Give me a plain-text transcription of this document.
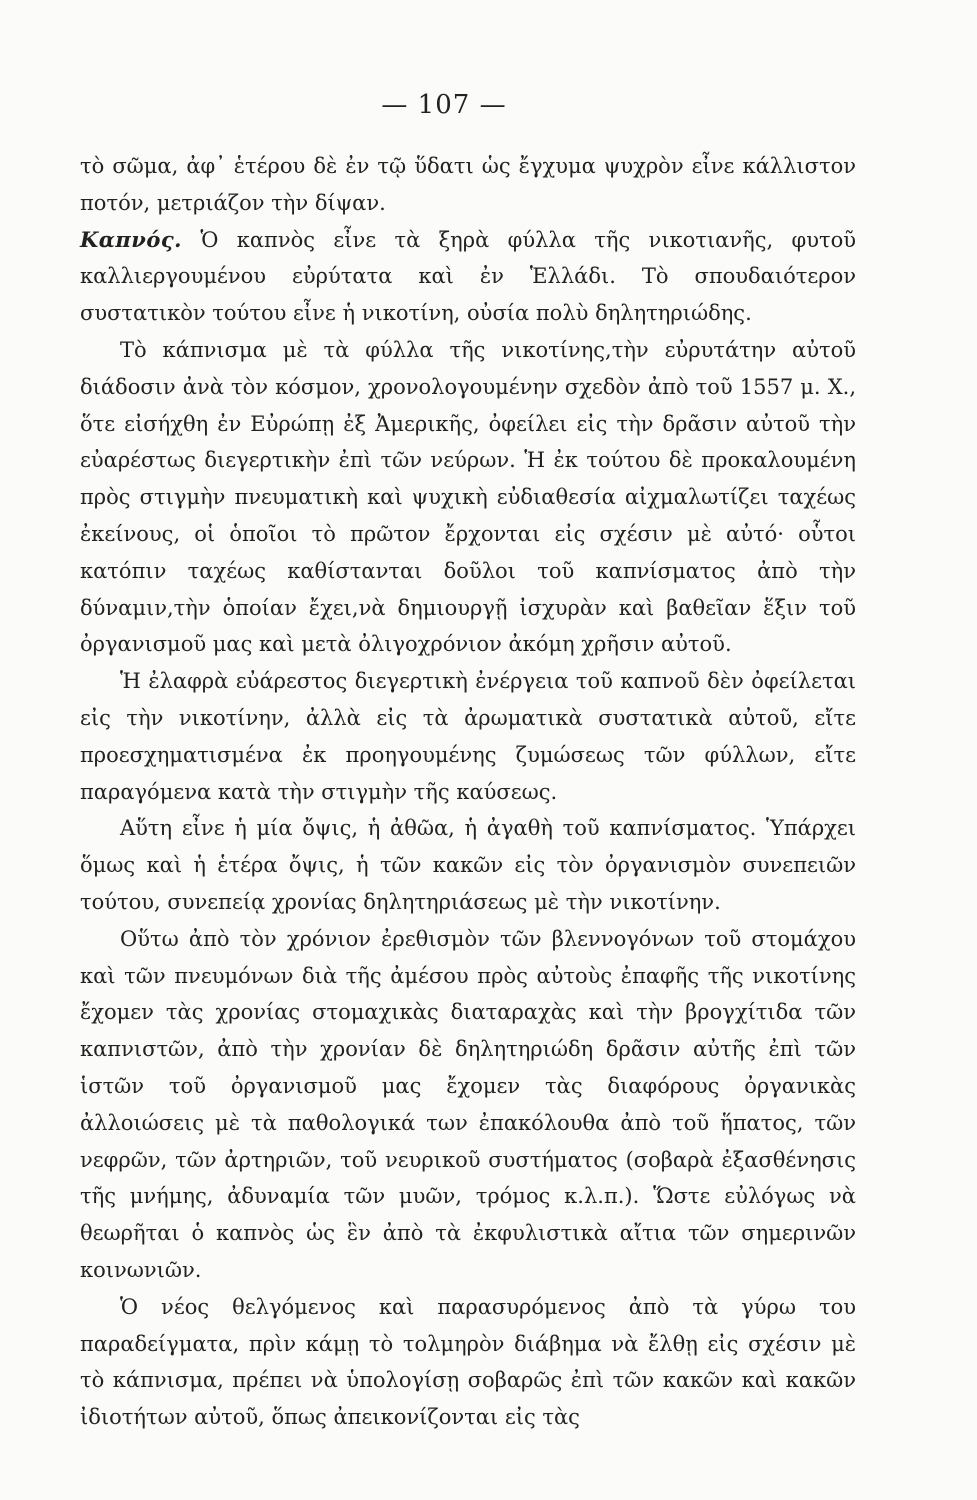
— 107 —

τὸ σῶμα, ἀφ᾽ ἑτέρου δὲ ἐν τῷ ὕδατι ὡς ἔγχυμα ψυχρὸν εἶνε κάλλιστον ποτόν, μετριάζον τὴν δίψαν.

Καπνός. Ὁ καπνὸς εἶνε τὰ ξηρὰ φύλλα τῆς νικοτιανῆς, φυτοῦ καλλιεργουμένου εὐρύτατα καὶ ἐν Ἑλλάδι. Τὸ σπουδαιότερον συστατικὸν τούτου εἶνε ἡ νικοτίνη, οὐσία πολὺ δηλητηριώδης.

Τὸ κάπνισμα μὲ τὰ φύλλα τῆς νικοτίνης,τὴν εὐρυτάτην αὐτοῦ διάδοσιν ἀνὰ τὸν κόσμον, χρονολογουμένην σχεδὸν ἀπὸ τοῦ 1557 μ. Χ., ὅτε εἰσήχθη ἐν Εὐρώπῃ ἐξ Ἀμερικῆς, ὀφείλει εἰς τὴν δρᾶσιν αὐτοῦ τὴν εὐαρέστως διεγερτικὴν ἐπὶ τῶν νεύρων. Ἡ ἐκ τούτου δὲ προκαλουμένη πρὸς στιγμὴν πνευματικὴ καὶ ψυχικὴ εὐδιαθεσία αἰχμαλωτίζει ταχέως ἐκείνους, οἱ ὁποῖοι τὸ πρῶτον ἔρχονται εἰς σχέσιν μὲ αὐτό· οὗτοι κατόπιν ταχέως καθίστανται δοῦλοι τοῦ καπνίσματος ἀπὸ τὴν δύναμιν,τὴν ὁποίαν ἔχει,νὰ δημιουργῇ ἰσχυρὰν καὶ βαθεῖαν ἕξιν τοῦ ὀργανισμοῦ μας καὶ μετὰ ὀλιγοχρόνιον ἀκόμη χρῆσιν αὐτοῦ.

Ἡ ἐλαφρὰ εὐάρεστος διεγερτικὴ ἐνέργεια τοῦ καπνοῦ δὲν ὀφείλεται εἰς τὴν νικοτίνην, ἀλλὰ εἰς τὰ ἀρωματικὰ συστατικὰ αὐτοῦ, εἴτε προεσχηματισμένα ἐκ προηγουμένης ζυμώσεως τῶν φύλλων, εἴτε παραγόμενα κατὰ τὴν στιγμὴν τῆς καύσεως.

Αὕτη εἶνε ἡ μία ὄψις, ἡ ἀθῶα, ἡ ἀγαθὴ τοῦ καπνίσματος. Ὑπάρχει ὅμως καὶ ἡ ἑτέρα ὄψις, ἡ τῶν κακῶν εἰς τὸν ὀργανισμὸν συνεπειῶν τούτου, συνεπείᾳ χρονίας δηλητηριάσεως μὲ τὴν νικοτίνην.

Οὕτω ἀπὸ τὸν χρόνιον ἐρεθισμὸν τῶν βλεννογόνων τοῦ στομάχου καὶ τῶν πνευμόνων διὰ τῆς ἀμέσου πρὸς αὐτοὺς ἐπαφῆς τῆς νικοτίνης ἔχομεν τὰς χρονίας στομαχικὰς διαταραχὰς καὶ τὴν βρογχίτιδα τῶν καπνιστῶν, ἀπὸ τὴν χρονίαν δὲ δηλητηριώδη δρᾶσιν αὐτῆς ἐπὶ τῶν ἱστῶν τοῦ ὀργανισμοῦ μας ἔχομεν τὰς διαφόρους ὀργανικὰς ἀλλοιώσεις μὲ τὰ παθολογικά των ἐπακόλουθα ἀπὸ τοῦ ἥπατος, τῶν νεφρῶν, τῶν ἀρτηριῶν, τοῦ νευρικοῦ συστήματος (σοβαρὰ ἐξασθένησις τῆς μνήμης, ἀδυναμία τῶν μυῶν, τρόμος κ.λ.π.). Ὥστε εὐλόγως νὰ θεωρῆται ὁ καπνὸς ὡς ἓν ἀπὸ τὰ ἐκφυλιστικὰ αἴτια τῶν σημερινῶν κοινωνιῶν.

Ὁ νέος θελγόμενος καὶ παρασυρόμενος ἀπὸ τὰ γύρω του παραδείγματα, πρὶν κάμῃ τὸ τολμηρὸν διάβημα νὰ ἔλθῃ εἰς σχέσιν μὲ τὸ κάπνισμα, πρέπει νὰ ὑπολογίσῃ σοβαρῶς ἐπὶ τῶν κακῶν καὶ κακῶν ἰδιοτήτων αὐτοῦ, ὅπως ἀπεικονίζονται εἰς τὰς
